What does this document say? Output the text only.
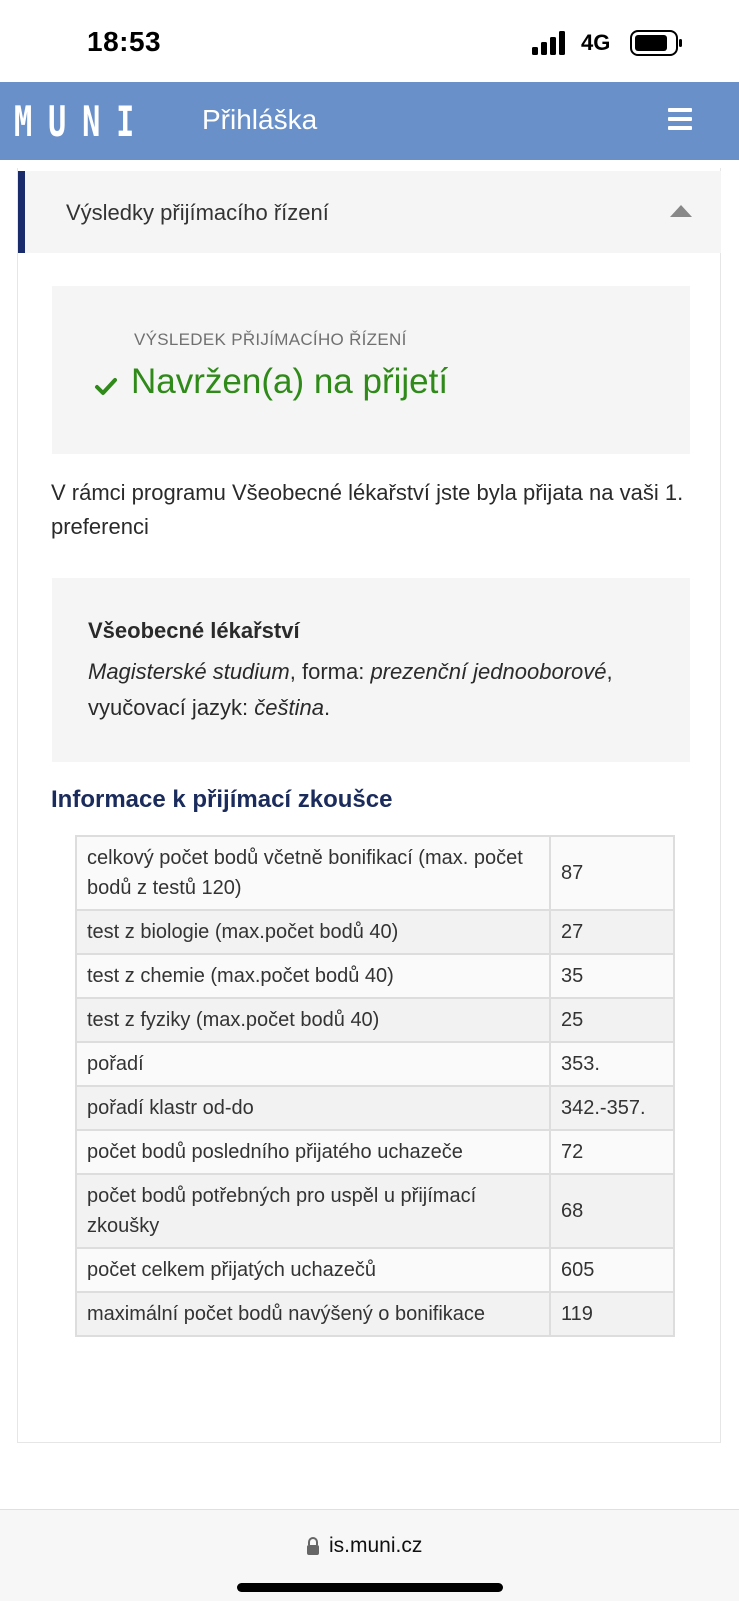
18:53	4G
MUNI Přihláška
Výsledky přijímacího řízení
VÝSLEDEK PŘIJÍMACÍHO ŘÍZENÍ
Navržen(a) na přijetí
V rámci programu Všeobecné lékařství jste byla přijata na vaši 1. preferenci
Všeobecné lékařství
Magisterské studium, forma: prezenční jednooborové, vyučovací jazyk: čeština.
Informace k přijímací zkoušce
celkový počet bodů včetně bonifikací (max. počet bodů z testů 120)	87
test z biologie (max.počet bodů 40)	27
test z chemie (max.počet bodů 40)	35
test z fyziky (max.počet bodů 40)	25
pořadí	353.
pořadí klastr od-do	342.-357.
počet bodů posledního přijatého uchazeče	72
počet bodů potřebných pro uspěl u přijímací zkoušky	68
počet celkem přijatých uchazečů	605
maximální počet bodů navýšený o bonifikace	119
is.muni.cz
